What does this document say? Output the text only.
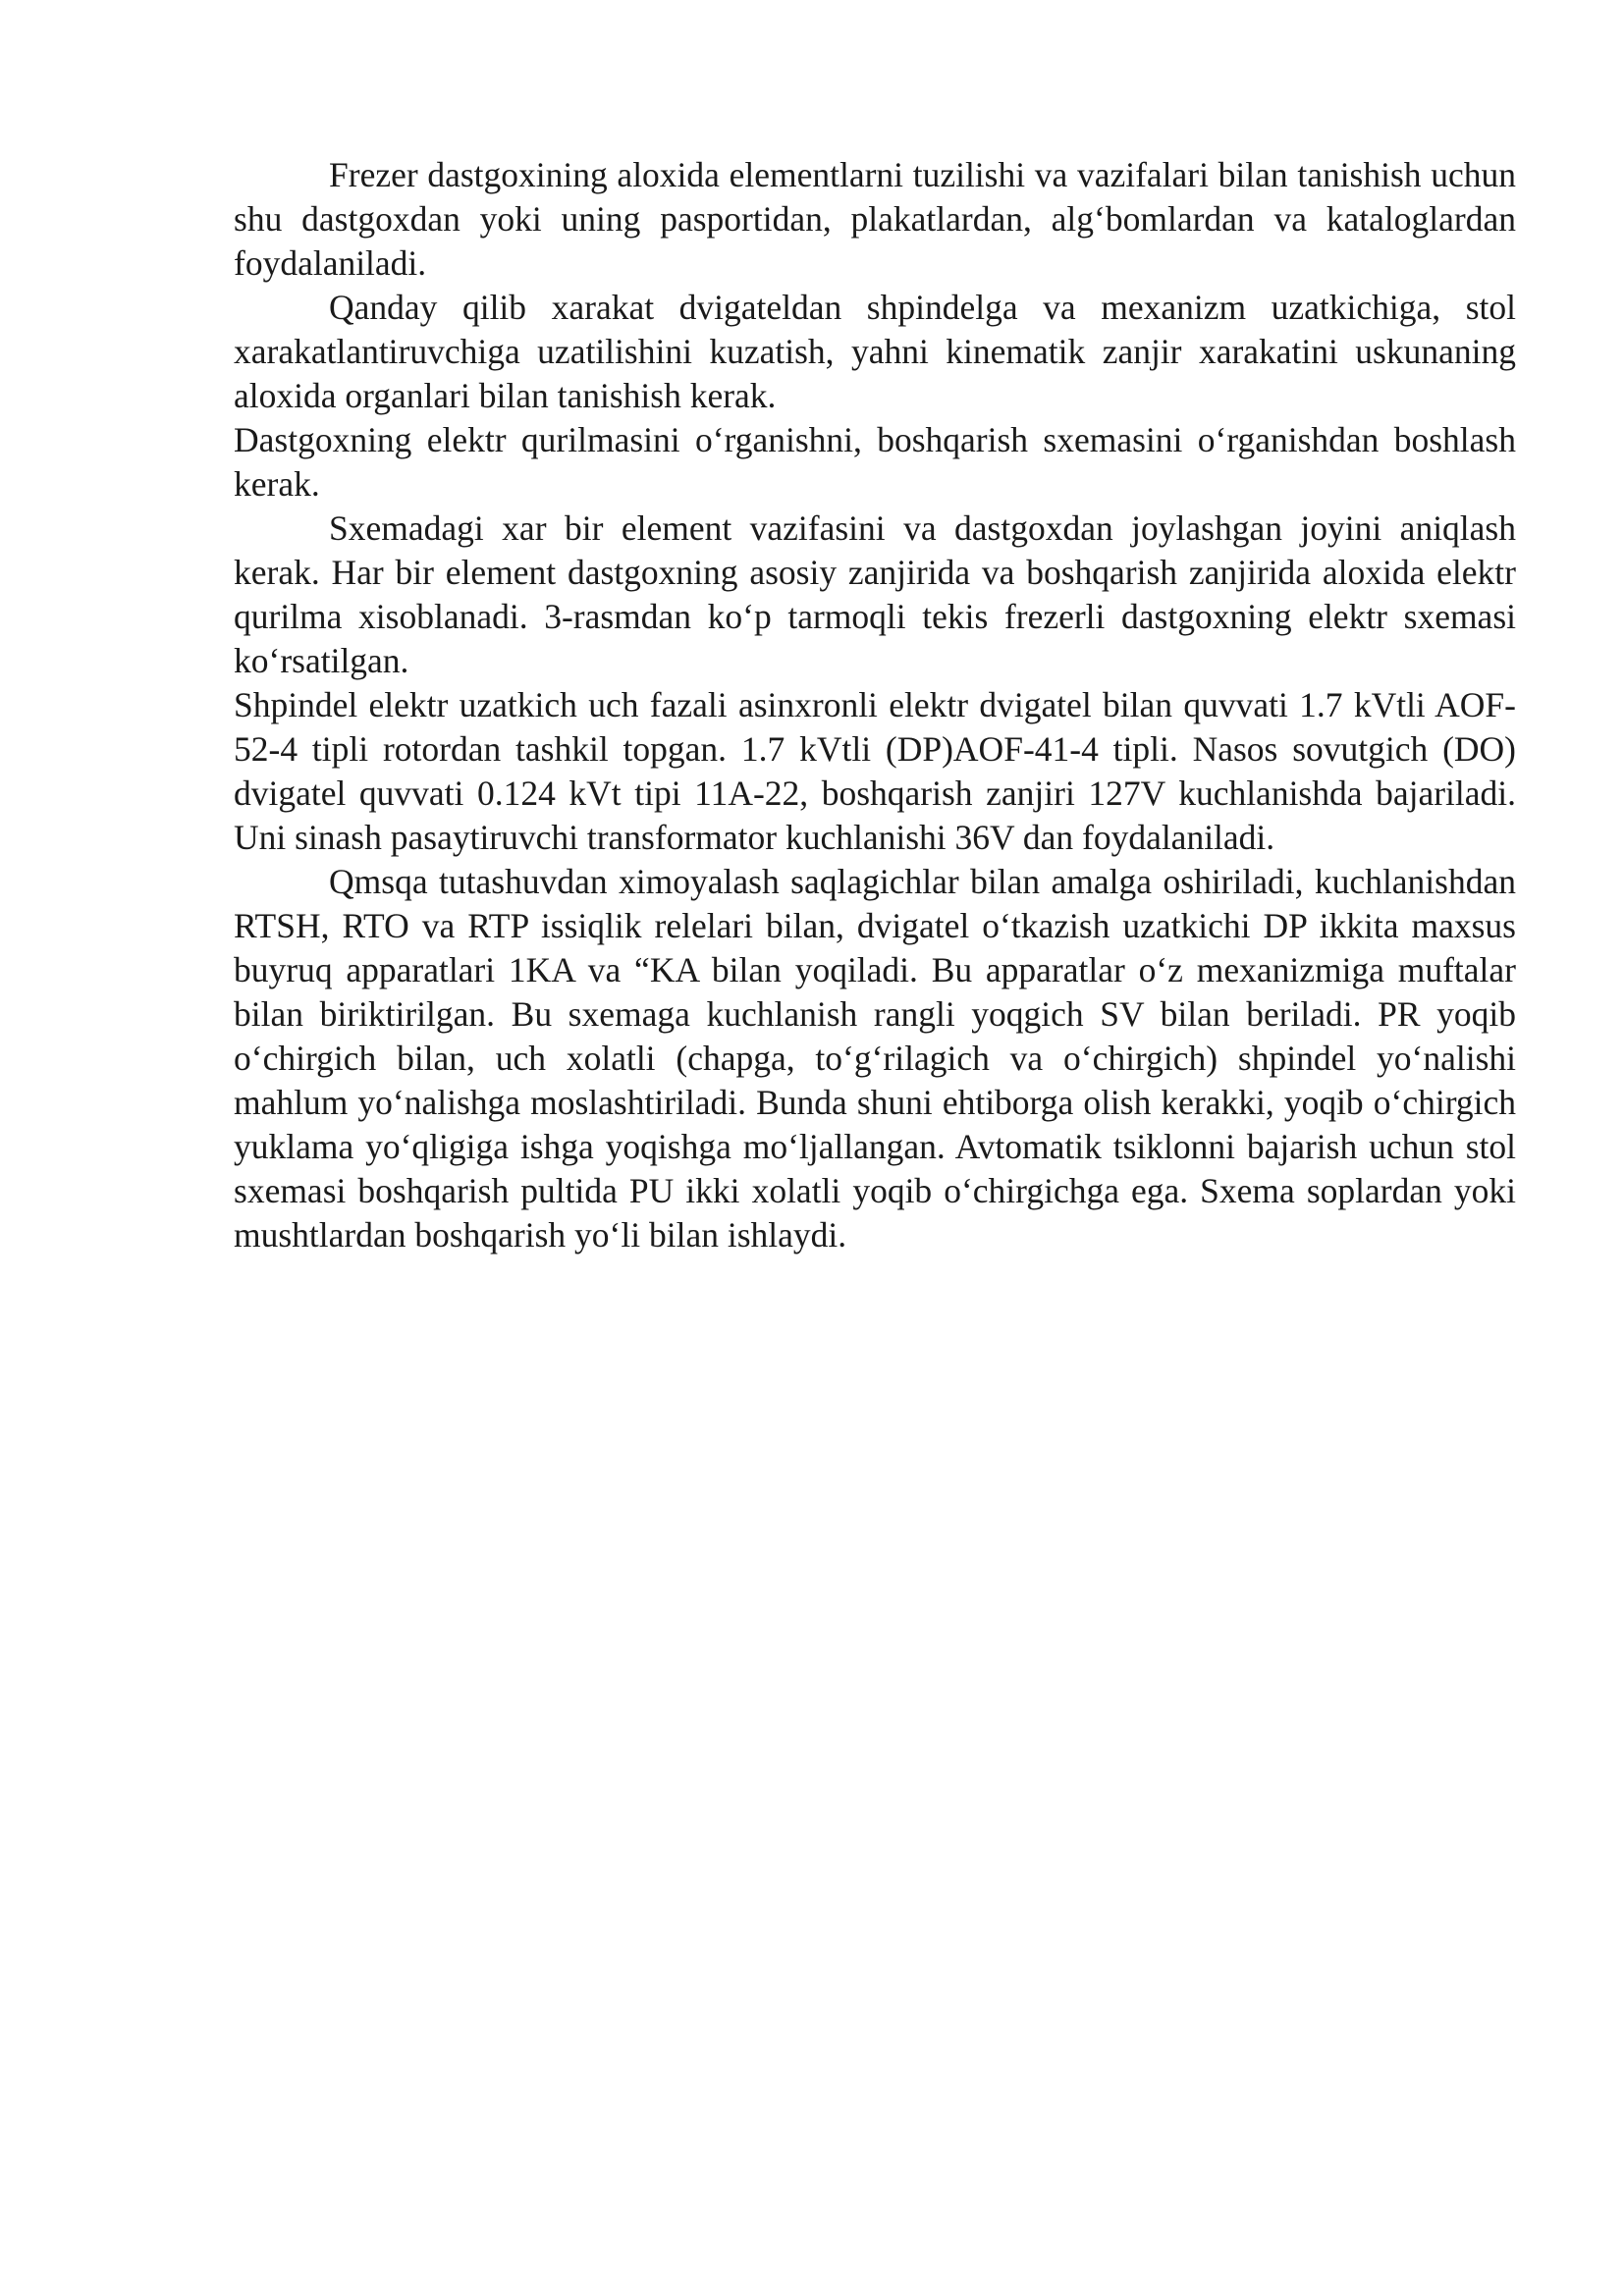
Frezer dastgoxining aloxida elementlarni tuzilishi va vazifalari bilan tanishish uchun shu dastgoxdan yoki uning pasportidan, plakatlardan, alg‘bomlardan va kataloglardan foydalaniladi.

Qanday qilib xarakat dvigateldan shpindelga va mexanizm uzatkichiga, stol xarakatlantiruvchiga uzatilishini kuzatish, yahni kinematik zanjir xarakatini uskunaning aloxida organlari bilan tanishish kerak.

Dastgoxning elektr qurilmasini o‘rganishni, boshqarish sxemasini o‘rganishdan boshlash kerak.

Sxemadagi xar bir element vazifasini va dastgoxdan joylashgan joyini aniqlash kerak. Har bir element dastgoxning asosiy zanjirida va boshqarish zanjirida aloxida elektr qurilma xisoblanadi. 3-rasmdan ko‘p tarmoqli tekis frezerli dastgoxning elektr sxemasi ko‘rsatilgan.

Shpindel elektr uzatkich uch fazali asinxronli elektr dvigatel bilan quvvati 1.7 kVtli AOF-52-4 tipli rotordan tashkil topgan. 1.7 kVtli (DP)AOF-41-4 tipli. Nasos sovutgich (DO) dvigatel quvvati 0.124 kVt tipi 11A-22, boshqarish zanjiri 127V kuchlanishda bajariladi. Uni sinash pasaytiruvchi transformator kuchlanishi 36V dan foydalaniladi.

Qmsqa tutashuvdan ximoyalash saqlagichlar bilan amalga oshiriladi, kuchlanishdan RTSH, RTO va RTP issiqlik relelari bilan, dvigatel o‘tkazish uzatkichi DP ikkita maxsus buyruq apparatlari 1KA va “KA bilan yoqiladi. Bu apparatlar o‘z mexanizmiga muftalar bilan biriktirilgan. Bu sxemaga kuchlanish rangli yoqgich SV bilan beriladi. PR yoqib o‘chirgich bilan, uch xolatli (chapga, to‘g‘rilagich va o‘chirgich) shpindel yo‘nalishi mahlum yo‘nalishga moslashtiriladi. Bunda shuni ehtiborga olish kerakki, yoqib o‘chirgich yuklama yo‘qligiga ishga yoqishga mo‘ljallangan. Avtomatik tsiklonni bajarish uchun stol sxemasi boshqarish pultida PU ikki xolatli yoqib o‘chirgichga ega. Sxema soplardan yoki mushtlardan boshqarish yo‘li bilan ishlaydi.
